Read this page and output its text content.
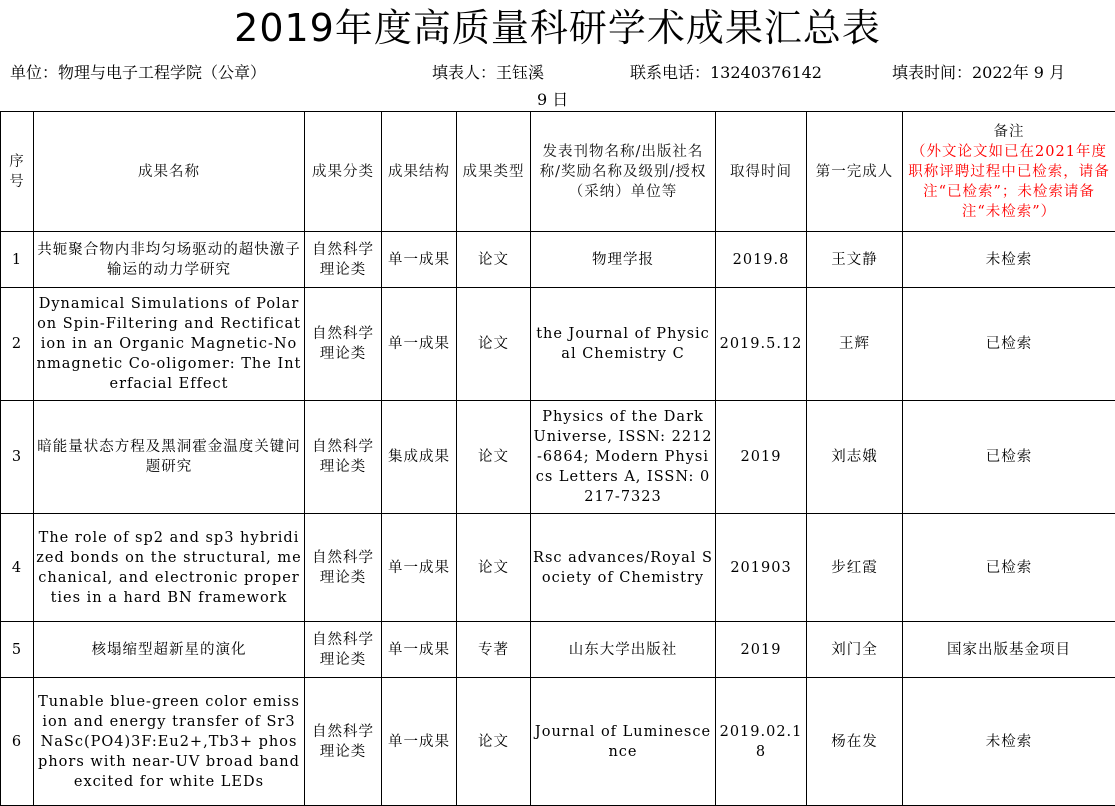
2019年度高质量科研学术成果汇总表
单位：物理与电子工程学院（公章）	填表人：王钰溪	联系电话：13240376142	填表时间：2022年 9 月
9 日
序号	成果名称	成果分类	成果结构	成果类型	发表刊物名称/出版社名称/奖励名称及级别/授权（采纳）单位等	取得时间	第一完成人	备注
（外文论文如已在2021年度职称评聘过程中已检索，请备注“已检索”；未检索请备注“未检索”）

1	共轭聚合物内非均匀场驱动的超快激子输运的动力学研究	自然科学理论类	单一成果	论文	物理学报	2019.8	王文静	未检索

2	Dynamical Simulations of Polaron Spin-Filtering and Rectification in an Organic Magnetic-Nonmagnetic Co-oligomer: The Interfacial Effect	自然科学理论类	单一成果	论文	the Journal of Physical Chemistry C	2019.5.12	王辉	已检索

3	暗能量状态方程及黑洞霍金温度关键问题研究	自然科学理论类	集成成果	论文	Physics of the Dark Universe, ISSN: 2212-6864; Modern Physics Letters A, ISSN: 0217-7323	2019	刘志娥	已检索

4	The role of sp2 and sp3 hybridized bonds on the structural, mechanical, and electronic properties in a hard BN framework	自然科学理论类	单一成果	论文	Rsc advances/Royal Society of Chemistry	201903	步红霞	已检索

5	核塌缩型超新星的演化	自然科学理论类	单一成果	专著	山东大学出版社	2019	刘门全	国家出版基金项目

6	Tunable blue-green color emission and energy transfer of Sr3NaSc(PO4)3F:Eu2+,Tb3+ phosphors with near-UV broad band excited for white LEDs	自然科学理论类	单一成果	论文	Journal of Luminescence	2019.02.18	杨在发	未检索
